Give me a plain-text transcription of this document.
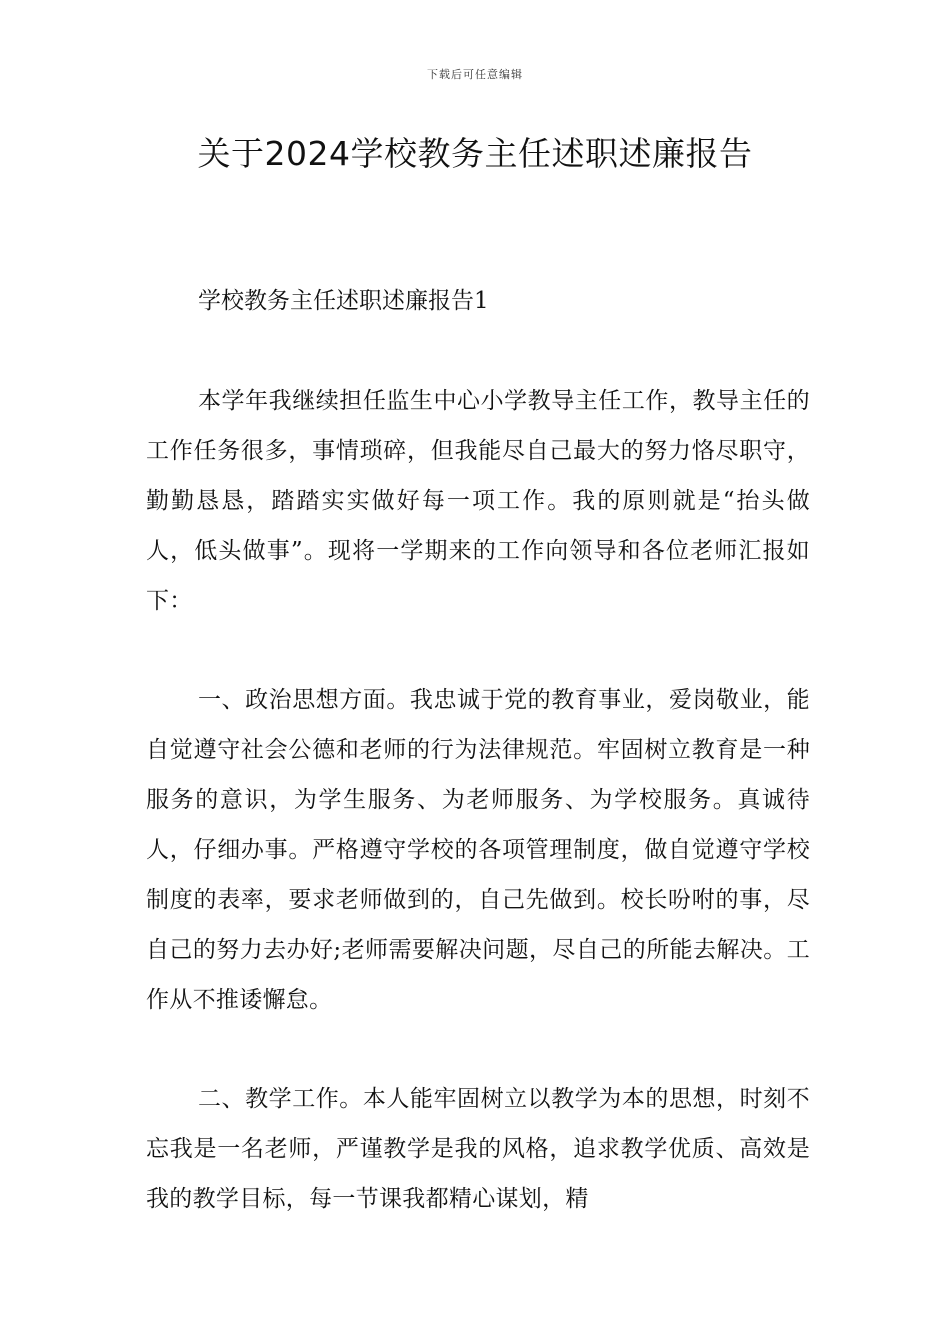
下载后可任意编辑
关于2024学校教务主任述职述廉报告

学校教务主任述职述廉报告1

本学年我继续担任监生中心小学教导主任工作，教导主任的工作任务很多，事情琐碎，但我能尽自己最大的努力恪尽职守，勤勤恳恳，踏踏实实做好每一项工作。我的原则就是“抬头做人，低头做事”。现将一学期来的工作向领导和各位老师汇报如下：

一、政治思想方面。我忠诚于党的教育事业，爱岗敬业，能自觉遵守社会公德和老师的行为法律规范。牢固树立教育是一种服务的意识，为学生服务、为老师服务、为学校服务。真诚待人，仔细办事。严格遵守学校的各项管理制度，做自觉遵守学校制度的表率，要求老师做到的，自己先做到。校长吩咐的事，尽自己的努力去办好;老师需要解决问题，尽自己的所能去解决。工作从不推诿懈怠。

二、教学工作。本人能牢固树立以教学为本的思想，时刻不忘我是一名老师，严谨教学是我的风格，追求教学优质、高效是我的教学目标，每一节课我都精心谋划，精
